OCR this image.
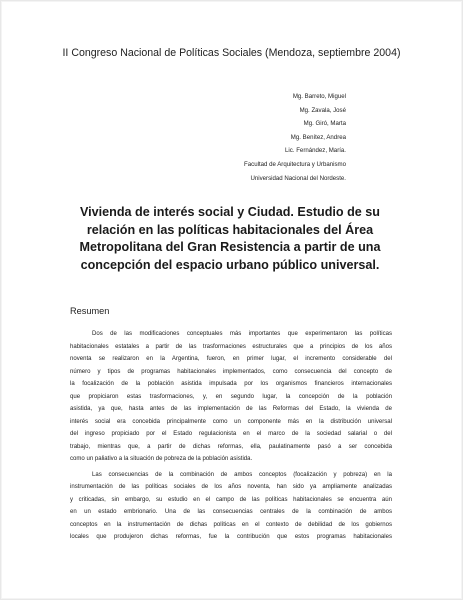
II Congreso Nacional de Políticas Sociales (Mendoza, septiembre 2004)
Mg. Barreto, Miguel
Mg. Zavala, José
Mg. Giró, Marta
Mg. Benítez, Andrea
Lic. Fernández, María.
Facultad de Arquitectura y Urbanismo
Universidad Nacional del Nordeste.
Vivienda de interés social y Ciudad. Estudio de su
relación en las políticas habitacionales del Área
Metropolitana del Gran Resistencia a partir de una
concepción del espacio urbano público universal.
Resumen
Dos de las modificaciones conceptuales más importantes que experimentaron las políticas
habitacionales estatales a partir de las trasformaciones estructurales que a principios de los años
noventa se realizaron en la Argentina, fueron, en primer lugar, el incremento considerable del
número y tipos de programas habitacionales implementados, como consecuencia del concepto de
la focalización de la población asistida impulsada por los organismos financieros internacionales
que propiciaron estas trasformaciones, y, en segundo lugar, la concepción de la población
asistida, ya que, hasta antes de las implementación de las Reformas del Estado, la vivienda de
interés social era concebida principalmente como un componente más en la distribución universal
del ingreso propiciado por el Estado regulacionista en el marco de la sociedad salarial o del
trabajo, mientras que, a partir de dichas reformas, ella, paulatinamente pasó a ser concebida
como un paliativo a la situación de pobreza de la población asistida.
Las consecuencias de la combinación de ambos conceptos (focalización y pobreza) en la
instrumentación de las políticas sociales de los años noventa, han sido ya ampliamente analizadas
y criticadas, sin embargo, su estudio en el campo de las políticas habitacionales se encuentra aún
en un estado embrionario. Una de las consecuencias centrales de la combinación de ambos
conceptos en la instrumentación de dichas políticas en el contexto de debilidad de los gobiernos
locales que produjeron dichas reformas, fue la contribución que estos programas habitacionales
